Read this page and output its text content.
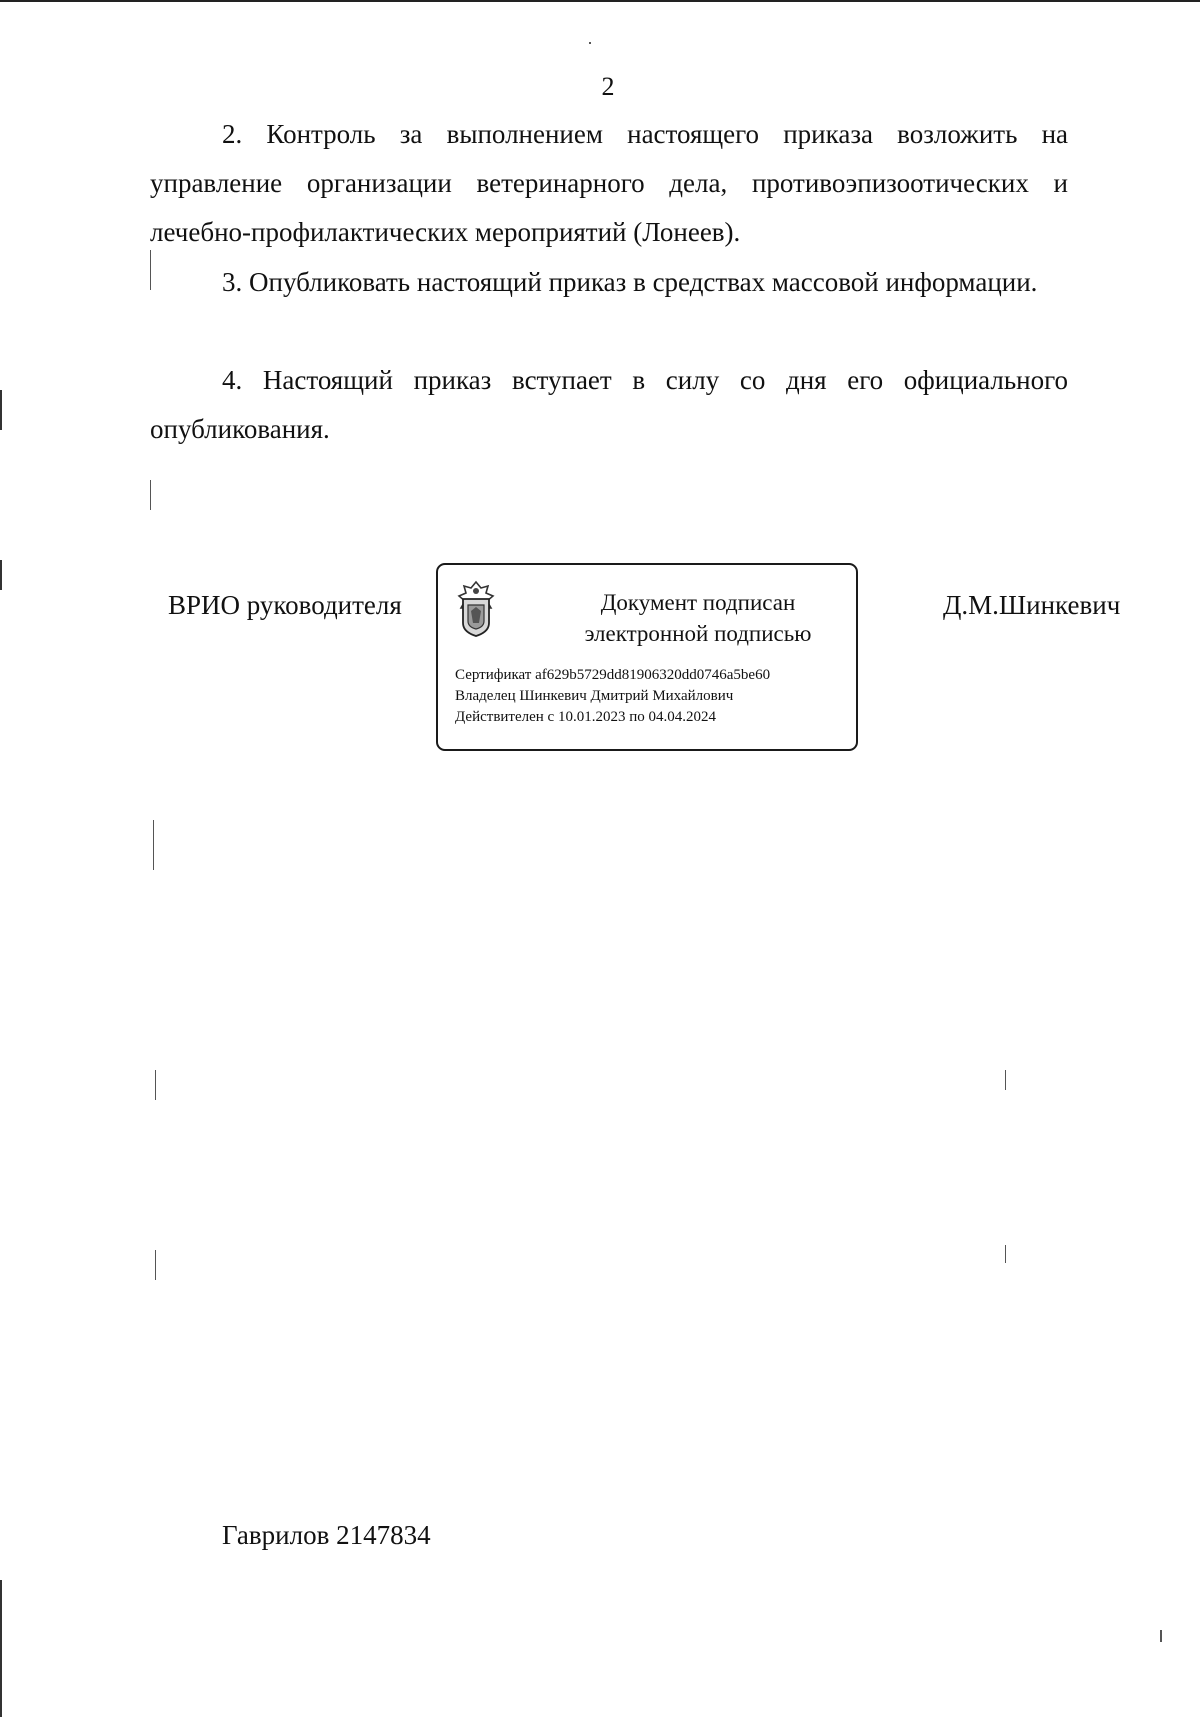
2

2. Контроль за выполнением настоящего приказа возложить на управление организации ветеринарного дела, противоэпизоотических и лечебно-профилактических мероприятий (Лонеев).

3. Опубликовать настоящий приказ в средствах массовой информации.

4. Настоящий приказ вступает в силу со дня его официального опубликования.

ВРИО руководителя	Документ подписан
электронной подписью
Сертификат af629b5729dd81906320dd0746a5be60
Владелец Шинкевич Дмитрий Михайлович
Действителен с 10.01.2023 по 04.04.2024
Д.М.Шинкевич
Гаврилов 2147834
